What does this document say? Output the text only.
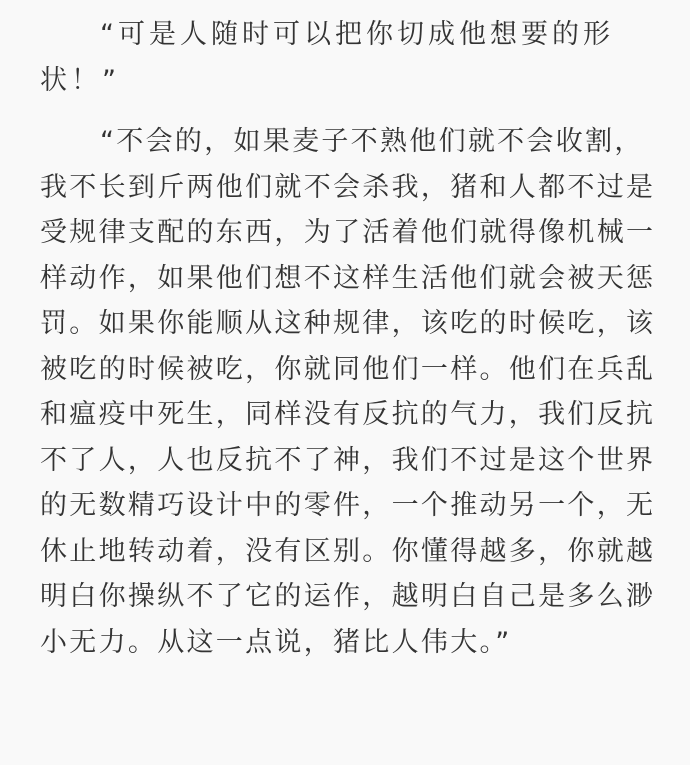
“可是人随时可以把你切成他想要的形状！”

“不会的，如果麦子不熟他们就不会收割，我不长到斤两他们就不会杀我，猪和人都不过是受规律支配的东西，为了活着他们就得像机械一样动作，如果他们想不这样生活他们就会被天惩罚。如果你能顺从这种规律，该吃的时候吃，该被吃的时候被吃，你就同他们一样。他们在兵乱和瘟疫中死生，同样没有反抗的气力，我们反抗不了人，人也反抗不了神，我们不过是这个世界的无数精巧设计中的零件，一个推动另一个，无休止地转动着，没有区别。你懂得越多，你就越明白你操纵不了它的运作，越明白自己是多么渺小无力。从这一点说，猪比人伟大。”
